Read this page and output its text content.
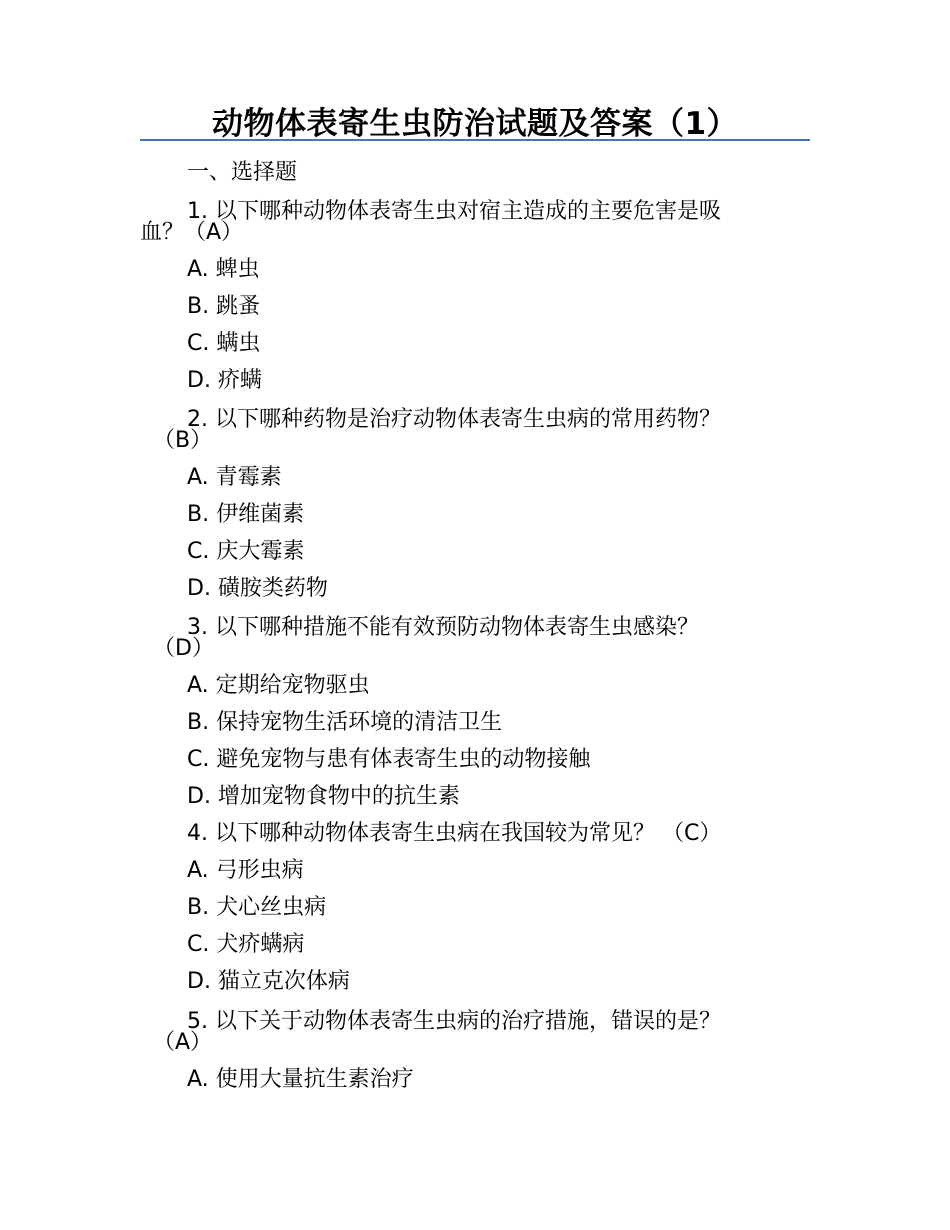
动物体表寄生虫防治试题及答案（1）
一、选择题
1. 以下哪种动物体表寄生虫对宿主造成的主要危害是吸
血？（A）
A. 蜱虫
B. 跳蚤
C. 螨虫
D. 疥螨
2. 以下哪种药物是治疗动物体表寄生虫病的常用药物？
（B）
A. 青霉素
B. 伊维菌素
C. 庆大霉素
D. 磺胺类药物
3. 以下哪种措施不能有效预防动物体表寄生虫感染？
（D）
A. 定期给宠物驱虫
B. 保持宠物生活环境的清洁卫生
C. 避免宠物与患有体表寄生虫的动物接触
D. 增加宠物食物中的抗生素
4. 以下哪种动物体表寄生虫病在我国较为常见？ （C）
A. 弓形虫病
B. 犬心丝虫病
C. 犬疥螨病
D. 猫立克次体病
5. 以下关于动物体表寄生虫病的治疗措施，错误的是？
（A）
A. 使用大量抗生素治疗
